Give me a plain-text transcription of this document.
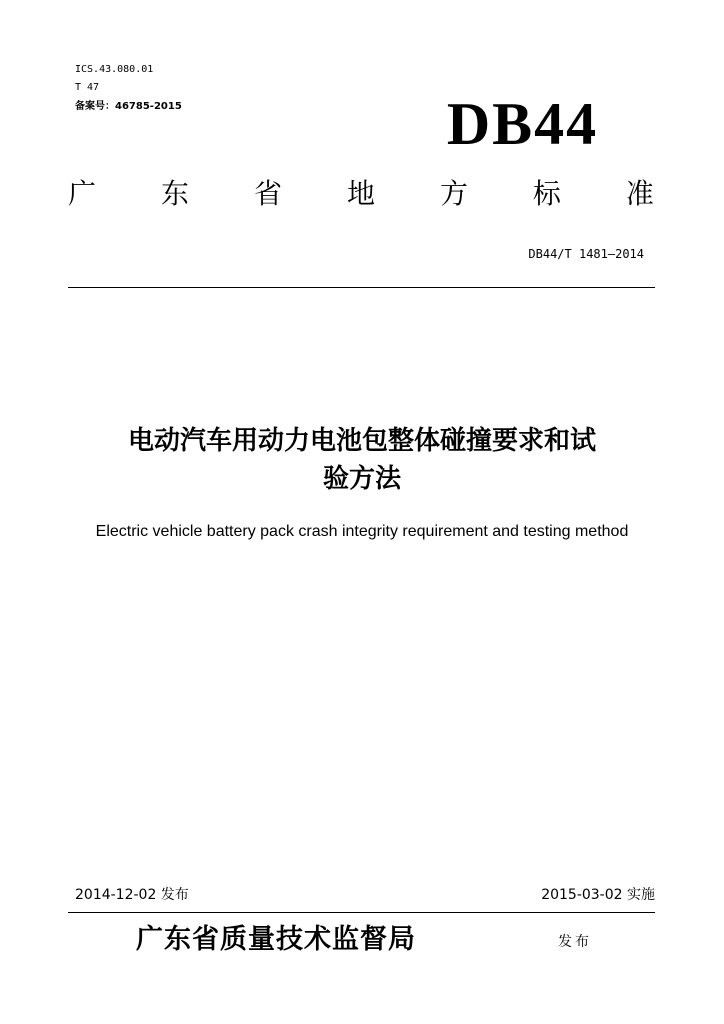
ICS.43.080.01
T 47
备案号：46785-2015	DB44
广 东 省 地 方 标 准
DB44/T 1481—2014
电动汽车用动力电池包整体碰撞要求和试
验方法
Electric vehicle battery pack crash integrity requirement and testing method
2014-12-02 发布	2015-03-02 实施
广东省质量技术监督局	发布
